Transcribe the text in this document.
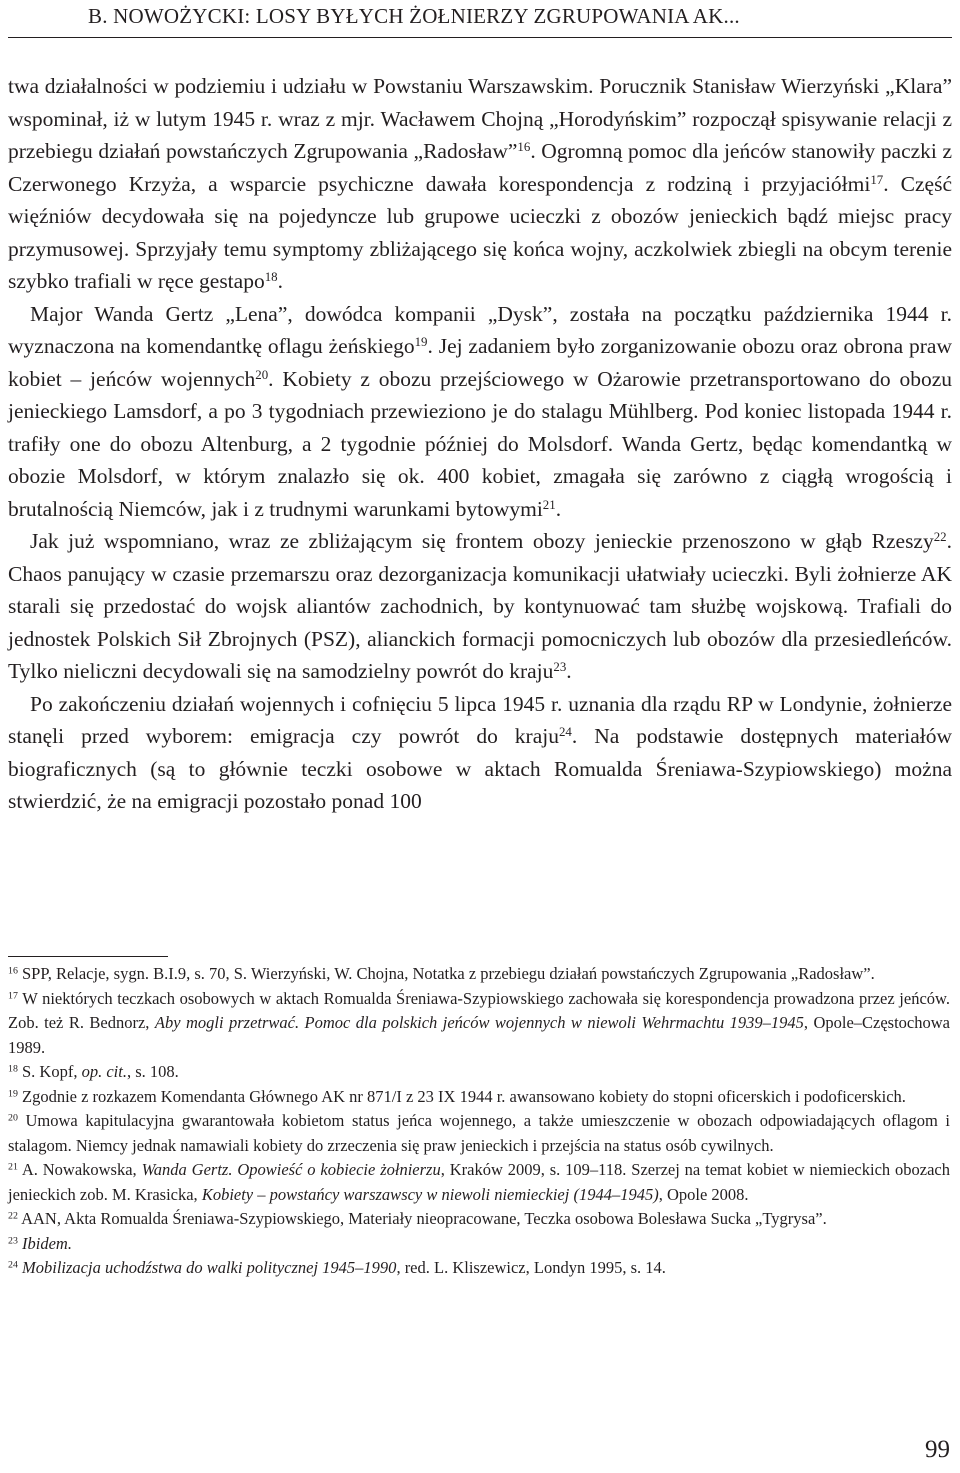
B. NOWOŻYCKI: LOSY BYŁYCH ŻOŁNIERZY ZGRUPOWANIA AK...

twa działalności w podziemiu i udziału w Powstaniu Warszawskim. Porucznik Stanisław Wierzyński „Klara” wspominał, iż w lutym 1945 r. wraz z mjr. Wacławem Chojną „Horodyńskim” rozpoczął spisywanie relacji z przebiegu działań powstańczych Zgrupowania „Radosław”$^{16}$. Ogromną pomoc dla jeńców stanowiły paczki z Czerwonego Krzyża, a wsparcie psychiczne dawała korespondencja z rodziną i przyjaciółmi$^{17}$. Część więźniów decydowała się na pojedyncze lub grupowe ucieczki z obozów jenieckich bądź miejsc pracy przymusowej. Sprzyjały temu symptomy zbliżającego się końca wojny, aczkolwiek zbiegli na obcym terenie szybko trafiali w ręce gestapo$^{18}$.

Major Wanda Gertz „Lena”, dowódca kompanii „Dysk”, została na początku października 1944 r. wyznaczona na komendantkę oflagu żeńskiego$^{19}$. Jej zadaniem było zorganizowanie obozu oraz obrona praw kobiet – jeńców wojennych$^{20}$. Kobiety z obozu przejściowego w Ożarowie przetransportowano do obozu jenieckiego Lamsdorf, a po 3 tygodniach przewieziono je do stalagu Mühlberg. Pod koniec listopada 1944 r. trafiły one do obozu Altenburg, a 2 tygodnie później do Molsdorf. Wanda Gertz, będąc komendantką w obozie Molsdorf, w którym znalazło się ok. 400 kobiet, zmagała się zarówno z ciągłą wrogością i brutalnością Niemców, jak i z trudnymi warunkami bytowymi$^{21}$.

Jak już wspomniano, wraz ze zbliżającym się frontem obozy jenieckie przenoszono w głąb Rzeszy$^{22}$. Chaos panujący w czasie przemarszu oraz dezorganizacja komunikacji ułatwiały ucieczki. Byli żołnierze AK starali się przedostać do wojsk aliantów zachodnich, by kontynuować tam służbę wojskową. Trafiali do jednostek Polskich Sił Zbrojnych (PSZ), alianckich formacji pomocniczych lub obozów dla przesiedleńców. Tylko nieliczni decydowali się na samodzielny powrót do kraju$^{23}$.

Po zakończeniu działań wojennych i cofnięciu 5 lipca 1945 r. uznania dla rządu RP w Londynie, żołnierze stanęli przed wyborem: emigracja czy powrót do kraju$^{24}$. Na podstawie dostępnych materiałów biograficznych (są to głównie teczki osobowe w aktach Romualda Śreniawa-Szypiowskiego) można stwierdzić, że na emigracji pozostało ponad 100

$^{16}$ SPP, Relacje, sygn. B.I.9, s. 70, S. Wierzyński, W. Chojna, Notatka z przebiegu działań powstańczych Zgrupowania „Radosław”.

$^{17}$ W niektórych teczkach osobowych w aktach Romualda Śreniawa-Szypiowskiego zachowała się korespondencja prowadzona przez jeńców. Zob. też R. Bednorz, Aby mogli przetrwać. Pomoc dla polskich jeńców wojennych w niewoli Wehrmachtu 1939–1945, Opole–Częstochowa 1989.

$^{18}$ S. Kopf, op. cit., s. 108.

$^{19}$ Zgodnie z rozkazem Komendanta Głównego AK nr 871/I z 23 IX 1944 r. awansowano kobiety do stopni oficerskich i podoficerskich.

$^{20}$ Umowa kapitulacyjna gwarantowała kobietom status jeńca wojennego, a także umieszczenie w obozach odpowiadających oflagom i stalagom. Niemcy jednak namawiali kobiety do zrzeczenia się praw jenieckich i przejścia na status osób cywilnych.

$^{21}$ A. Nowakowska, Wanda Gertz. Opowieść o kobiecie żołnierzu, Kraków 2009, s. 109–118. Szerzej na temat kobiet w niemieckich obozach jenieckich zob. M. Krasicka, Kobiety – powstańcy warszawscy w niewoli niemieckiej (1944–1945), Opole 2008.

$^{22}$ AAN, Akta Romualda Śreniawa-Szypiowskiego, Materiały nieopracowane, Teczka osobowa Bolesława Sucka „Tygrysa”.

$^{23}$ Ibidem.

$^{24}$ Mobilizacja uchodźstwa do walki politycznej 1945–1990, red. L. Kliszewicz, Londyn 1995, s. 14.

99
